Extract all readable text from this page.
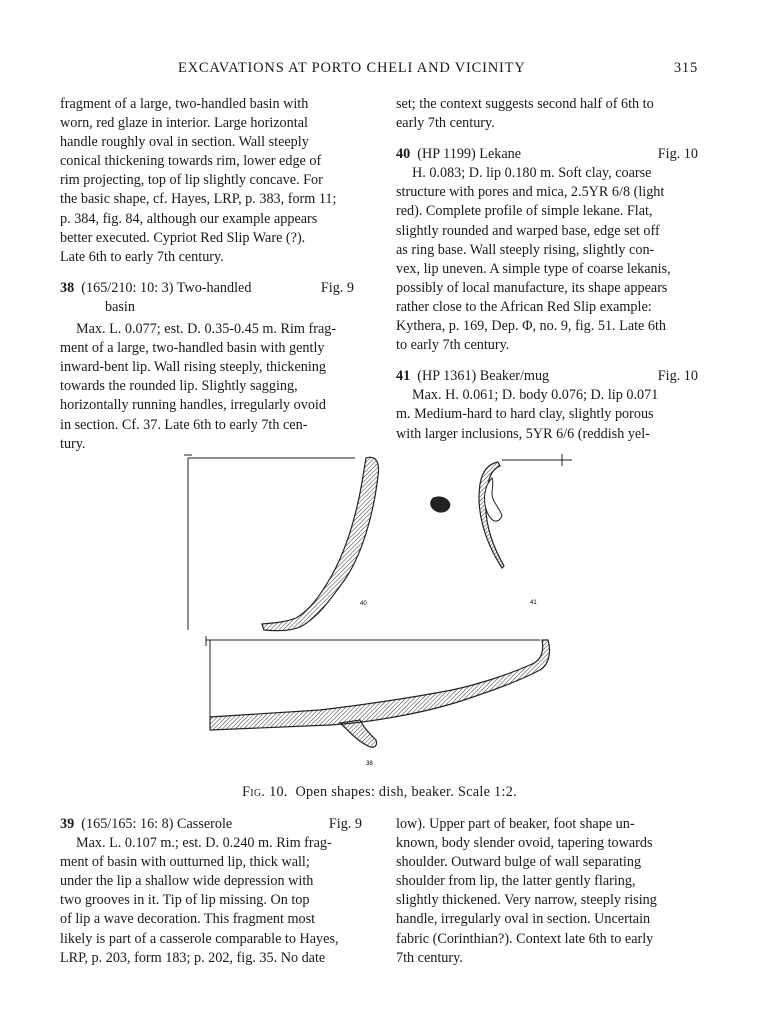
EXCAVATIONS AT PORTO CHELI AND VICINITY	315
fragment of a large, two-handled basin with
worn, red glaze in interior. Large horizontal
handle roughly oval in section. Wall steeply
conical thickening towards rim, lower edge of
rim projecting, top of lip slightly concave. For
the basic shape, cf. Hayes, LRP, p. 383, form 11;
p. 384, fig. 84, although our example appears
better executed. Cypriot Red Slip Ware (?).
Late 6th to early 7th century.
38 (165/210: 10: 3) Two-handled	Fig. 9
basin
Max. L. 0.077; est. D. 0.35-0.45 m. Rim frag-
ment of a large, two-handled basin with gently
inward-bent lip. Wall rising steeply, thickening
towards the rounded lip. Slightly sagging,
horizontally running handles, irregularly ovoid
in section. Cf. 37. Late 6th to early 7th cen-
tury.
set; the context suggests second half of 6th to
early 7th century.
40 (HP 1199) Lekane	Fig. 10
H. 0.083; D. lip 0.180 m. Soft clay, coarse
structure with pores and mica, 2.5YR 6/8 (light
red). Complete profile of simple lekane. Flat,
slightly rounded and warped base, edge set off
as ring base. Wall steeply rising, slightly con-
vex, lip uneven. A simple type of coarse lekanis,
possibly of local manufacture, its shape appears
rather close to the African Red Slip example:
Kythera, p. 169, Dep. Φ, no. 9, fig. 51. Late 6th
to early 7th century.
41 (HP 1361) Beaker/mug	Fig. 10
Max. H. 0.061; D. body 0.076; D. lip 0.071
m. Medium-hard to hard clay, slightly porous
with larger inclusions, 5YR 6/6 (reddish yel-
40	41
38
Fig. 10. Open shapes: dish, beaker. Scale 1:2.
39 (165/165: 16: 8) Casserole	Fig. 9
Max. L. 0.107 m.; est. D. 0.240 m. Rim frag-
ment of basin with outturned lip, thick wall;
under the lip a shallow wide depression with
two grooves in it. Tip of lip missing. On top
of lip a wave decoration. This fragment most
likely is part of a casserole comparable to Hayes,
LRP, p. 203, form 183; p. 202, fig. 35. No date
low). Upper part of beaker, foot shape un-
known, body slender ovoid, tapering towards
shoulder. Outward bulge of wall separating
shoulder from lip, the latter gently flaring,
slightly thickened. Very narrow, steeply rising
handle, irregularly oval in section. Uncertain
fabric (Corinthian?). Context late 6th to early
7th century.
